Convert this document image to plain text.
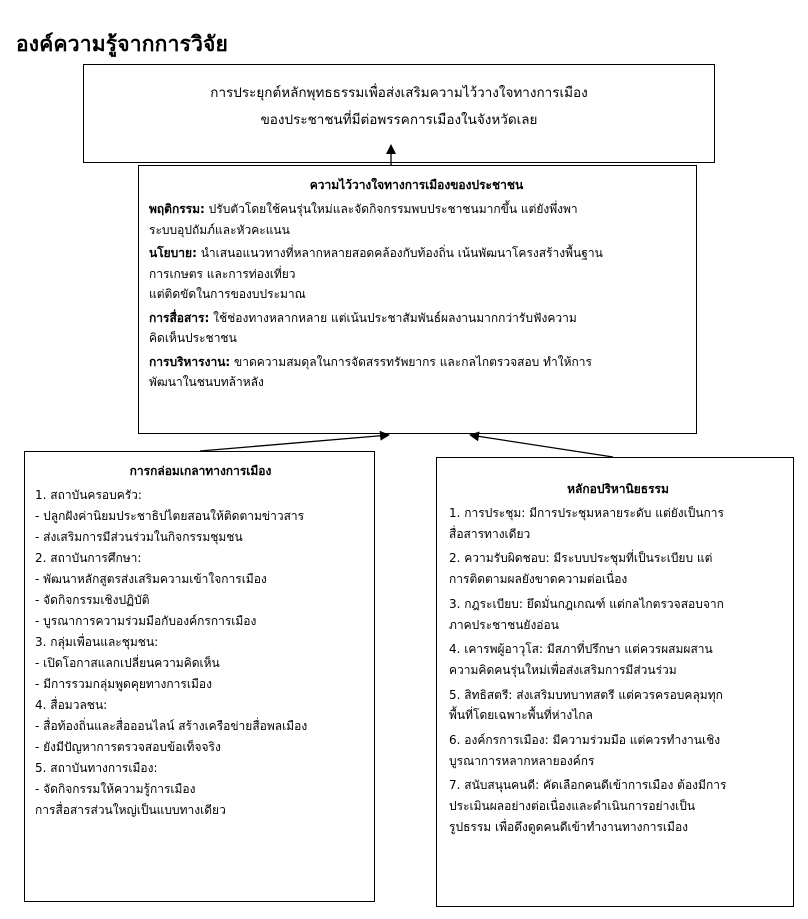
องค์ความรู้จากการวิจัย
การประยุกต์หลักพุทธธรรมเพื่อส่งเสริมความไว้วางใจทางการเมือง
ของประชาชนที่มีต่อพรรคการเมืองในจังหวัดเลย
ความไว้วางใจทางการเมืองของประชาชน

พฤติกรรม: ปรับตัวโดยใช้คนรุ่นใหม่และจัดกิจกรรมพบประชาชนมากขึ้น แต่ยังพึ่งพา
ระบบอุปถัมภ์และหัวคะแนน

นโยบาย: นำเสนอแนวทางที่หลากหลายสอดคล้องกับท้องถิ่น เน้นพัฒนาโครงสร้างพื้นฐาน
การเกษตร และการท่องเที่ยว
แต่ติดขัดในการของบประมาณ

การสื่อสาร: ใช้ช่องทางหลากหลาย แต่เน้นประชาสัมพันธ์ผลงานมากกว่ารับฟังความ
คิดเห็นประชาชน

การบริหารงาน: ขาดความสมดุลในการจัดสรรทรัพยากร และกลไกตรวจสอบ ทำให้การ
พัฒนาในชนบทล้าหลัง

การกล่อมเกลาทางการเมือง
1. สถาบันครอบครัว:
- ปลูกฝังค่านิยมประชาธิปไตยสอนให้ติดตามข่าวสาร
- ส่งเสริมการมีส่วนร่วมในกิจกรรมชุมชน
2. สถาบันการศึกษา:
- พัฒนาหลักสูตรส่งเสริมความเข้าใจการเมือง
- จัดกิจกรรมเชิงปฏิบัติ
- บูรณาการความร่วมมือกับองค์กรการเมือง
3. กลุ่มเพื่อนและชุมชน:
- เปิดโอกาสแลกเปลี่ยนความคิดเห็น
- มีการรวมกลุ่มพูดคุยทางการเมือง
4. สื่อมวลชน:
- สื่อท้องถิ่นและสื่อออนไลน์ สร้างเครือข่ายสื่อพลเมือง
- ยังมีปัญหาการตรวจสอบข้อเท็จจริง
5. สถาบันทางการเมือง:
- จัดกิจกรรมให้ความรู้การเมือง
การสื่อสารส่วนใหญ่เป็นแบบทางเดียว
หลักอปริหานิยธรรม
1. การประชุม: มีการประชุมหลายระดับ แต่ยังเป็นการ
สื่อสารทางเดียว
2. ความรับผิดชอบ: มีระบบประชุมที่เป็นระเบียบ แต่
การติดตามผลยังขาดความต่อเนื่อง
3. กฎระเบียบ: ยึดมั่นกฎเกณฑ์ แต่กลไกตรวจสอบจาก
ภาคประชาชนยังอ่อน
4. เคารพผู้อาวุโส: มีสภาที่ปรึกษา แต่ควรผสมผสาน
ความคิดคนรุ่นใหม่เพื่อส่งเสริมการมีส่วนร่วม
5. สิทธิสตรี: ส่งเสริมบทบาทสตรี แต่ควรครอบคลุมทุก
พื้นที่โดยเฉพาะพื้นที่ห่างไกล
6. องค์กรการเมือง: มีความร่วมมือ แต่ควรทำงานเชิง
บูรณาการหลากหลายองค์กร
7. สนับสนุนคนดี: คัดเลือกคนดีเข้าการเมือง ต้องมีการ
ประเมินผลอย่างต่อเนื่องและดำเนินการอย่างเป็น
รูปธรรม เพื่อดึงดูดคนดีเข้าทำงานทางการเมือง
